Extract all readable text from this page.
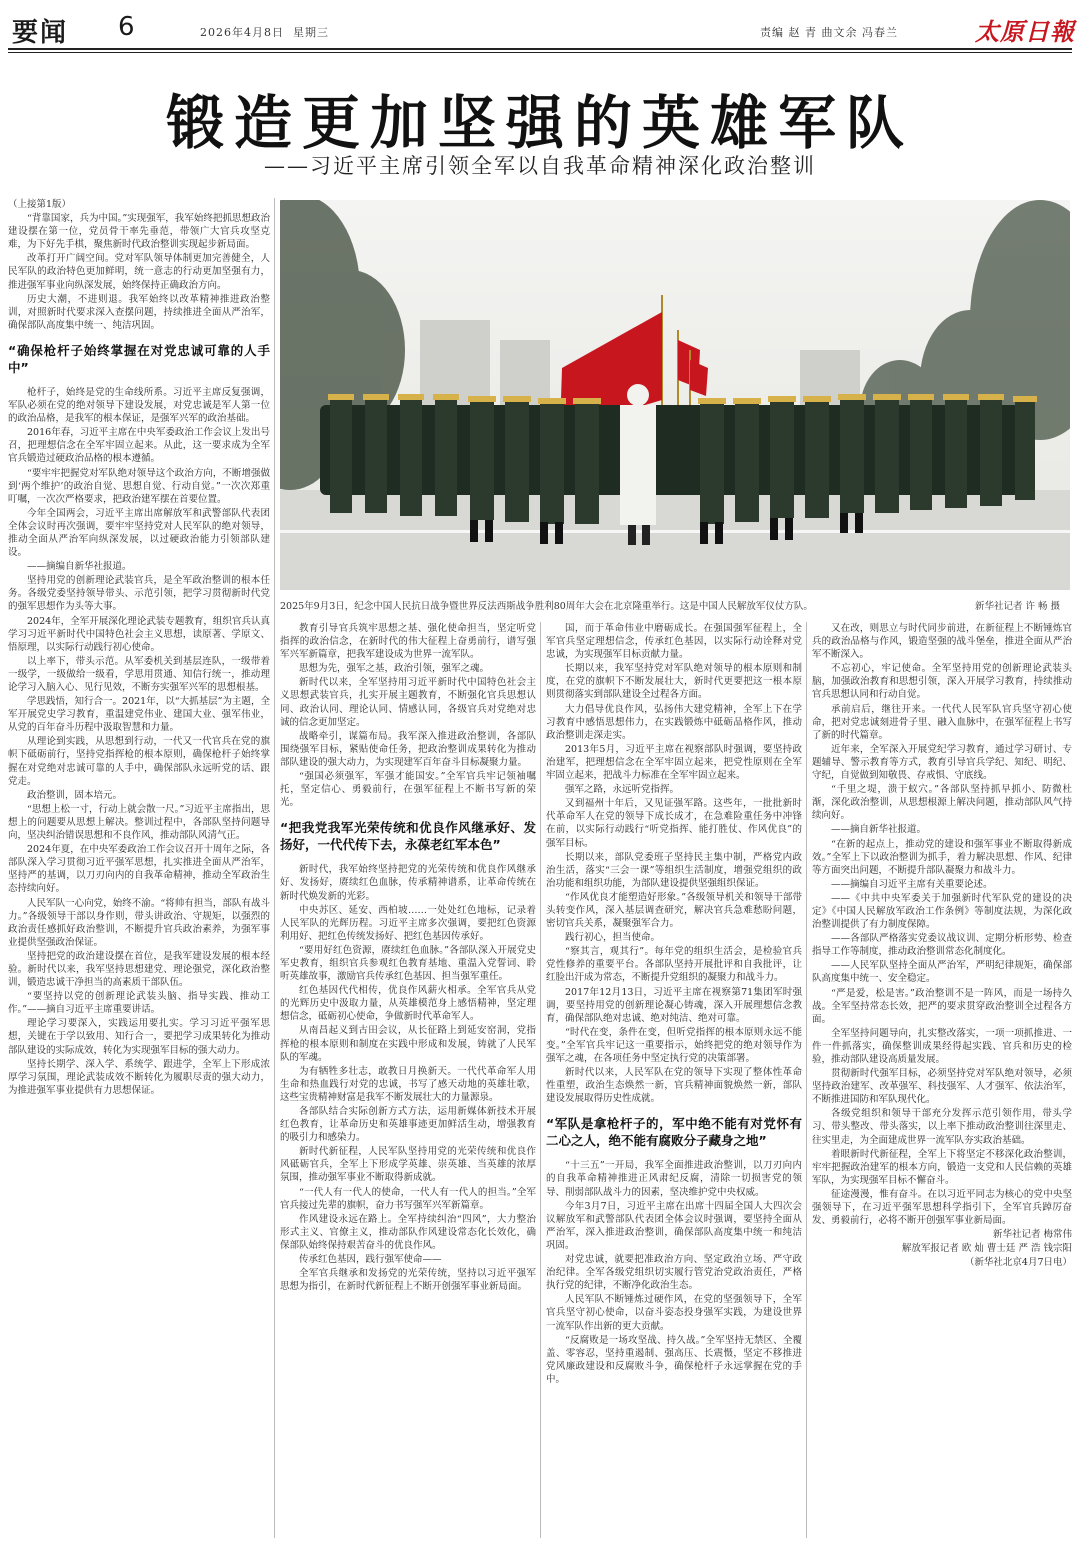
要闻 6	2026年4月8日 星期三	责编 赵 青 曲文余 冯春兰	太原日報
锻造更加坚强的英雄军队
——习近平主席引领全军以自我革命精神深化政治整训
2025年9月3日，纪念中国人民抗日战争暨世界反法西斯战争胜利80周年大会在北京隆重举行。这是中国人民解放军仪仗方队。	新华社记者 许 畅 摄

（上接第1版）

“背靠国家，兵为中国。”实现强军，我军始终把抓思想政治建设摆在第一位，党员骨干率先垂范，带领广大官兵攻坚克难，为下好先手棋，聚焦新时代政治整训实现起步新局面。

改革打开广阔空间。党对军队领导体制更加完善健全，人民军队的政治特色更加鲜明，统一意志的行动更加坚强有力，推进强军事业向纵深发展，始终保持正确政治方向。

历史大潮，不进则退。我军始终以改革精神推进政治整训，对照新时代要求深入查摆问题，持续推进全面从严治军，确保部队高度集中统一、纯洁巩固。

“确保枪杆子始终掌握在对党忠诚可靠的人手中”

枪杆子，始终是党的生命线所系。习近平主席反复强调，军队必须在党的绝对领导下建设发展，对党忠诚是军人第一位的政治品格，是我军的根本保证，是强军兴军的政治基础。

2016年春，习近平主席在中央军委政治工作会议上发出号召，把理想信念在全军牢固立起来。从此，这一要求成为全军官兵锻造过硬政治品格的根本遵循。

“要牢牢把握党对军队绝对领导这个政治方向，不断增强做到‘两个维护’的政治自觉、思想自觉、行动自觉。”一次次郑重叮嘱，一次次严格要求，把政治建军摆在首要位置。

今年全国两会，习近平主席出席解放军和武警部队代表团全体会议时再次强调，要牢牢坚持党对人民军队的绝对领导，推动全面从严治军向纵深发展，以过硬政治能力引领部队建设。

——摘编自新华社报道。

坚持用党的创新理论武装官兵，是全军政治整训的根本任务。各级党委坚持领导带头、示范引领，把学习贯彻新时代党的强军思想作为头等大事。

2024年，全军开展深化理论武装专题教育，组织官兵认真学习习近平新时代中国特色社会主义思想，读原著、学原文、悟原理，以实际行动践行初心使命。

以上率下，带头示范。从军委机关到基层连队，一级带着一级学，一级做给一级看，学思用贯通、知信行统一，推动理论学习入脑入心、见行见效，不断夯实强军兴军的思想根基。

学思践悟，知行合一。2021年，以“大抓基层”为主题，全军开展党史学习教育，重温建党伟业、建国大业、强军伟业，从党的百年奋斗历程中汲取智慧和力量。

从理论到实践，从思想到行动，一代又一代官兵在党的旗帜下砥砺前行，坚持党指挥枪的根本原则，确保枪杆子始终掌握在对党绝对忠诚可靠的人手中，确保部队永远听党的话、跟党走。

政治整训，固本培元。

“思想上松一寸，行动上就会散一尺。”习近平主席指出，思想上的问题要从思想上解决。整训过程中，各部队坚持问题导向，坚决纠治错误思想和不良作风，推动部队风清气正。

2024年夏，在中央军委政治工作会议召开十周年之际，各部队深入学习贯彻习近平强军思想，扎实推进全面从严治军，坚持严的基调，以刀刃向内的自我革命精神，推动全军政治生态持续向好。

人民军队一心向党，始终不渝。“将帅有担当，部队有战斗力。”各级领导干部以身作则，带头讲政治、守规矩，以强烈的政治责任感抓好政治整训，不断提升官兵政治素养，为强军事业提供坚强政治保证。

坚持把党的政治建设摆在首位，是我军建设发展的根本经验。新时代以来，我军坚持思想建党、理论强党，深化政治整训，锻造忠诚干净担当的高素质干部队伍。

“要坚持以党的创新理论武装头脑、指导实践、推动工作。”——摘自习近平主席重要讲话。

理论学习要深入，实践运用要扎实。学习习近平强军思想，关键在于学以致用、知行合一，要把学习成果转化为推动部队建设的实际成效，转化为实现强军目标的强大动力。

坚持长期学、深入学、系统学、跟进学，全军上下形成浓厚学习氛围，理论武装成效不断转化为履职尽责的强大动力，为推进强军事业提供有力思想保证。

教育引导官兵筑牢思想之基、强化使命担当，坚定听党指挥的政治信念，在新时代的伟大征程上奋勇前行，谱写强军兴军新篇章，把我军建设成为世界一流军队。

思想为先，强军之基，政治引领，强军之魂。

新时代以来，全军坚持用习近平新时代中国特色社会主义思想武装官兵，扎实开展主题教育，不断强化官兵思想认同、政治认同、理论认同、情感认同，各级官兵对党绝对忠诚的信念更加坚定。

战略牵引，谋篇布局。我军深入推进政治整训，各部队围绕强军目标，紧贴使命任务，把政治整训成果转化为推动部队建设的强大动力，为实现建军百年奋斗目标凝聚力量。

“强国必须强军，军强才能国安。”全军官兵牢记领袖嘱托，坚定信心、勇毅前行，在强军征程上不断书写新的荣光。

“把我党我军光荣传统和优良作风继承好、发扬好，一代代传下去，永葆老红军本色”

新时代，我军始终坚持把党的光荣传统和优良作风继承好、发扬好，赓续红色血脉，传承精神谱系，让革命传统在新时代焕发新的光彩。

中央苏区、延安、西柏坡……一处处红色地标，记录着人民军队的光辉历程。习近平主席多次强调，要把红色资源利用好、把红色传统发扬好、把红色基因传承好。

“要用好红色资源，赓续红色血脉。”各部队深入开展党史军史教育，组织官兵参观红色教育基地、重温入党誓词、聆听英雄故事，激励官兵传承红色基因、担当强军重任。

红色基因代代相传，优良作风薪火相承。全军官兵从党的光辉历史中汲取力量，从英雄模范身上感悟精神，坚定理想信念，砥砺初心使命，争做新时代革命军人。

从南昌起义到古田会议，从长征路上到延安窑洞，党指挥枪的根本原则和制度在实践中形成和发展，铸就了人民军队的军魂。

为有牺牲多壮志，敢教日月换新天。一代代革命军人用生命和热血践行对党的忠诚，书写了感天动地的英雄壮歌，这些宝贵精神财富是我军不断发展壮大的力量源泉。

各部队结合实际创新方式方法，运用新媒体新技术开展红色教育，让革命历史和英雄事迹更加鲜活生动，增强教育的吸引力和感染力。

新时代新征程，人民军队坚持用党的光荣传统和优良作风砥砺官兵，全军上下形成学英雄、崇英雄、当英雄的浓厚氛围，推动强军事业不断取得新成就。

“一代人有一代人的使命，一代人有一代人的担当。”全军官兵接过先辈的旗帜，奋力书写强军兴军新篇章。

作风建设永远在路上。全军持续纠治“四风”，大力整治形式主义、官僚主义，推动部队作风建设常态化长效化，确保部队始终保持艰苦奋斗的优良作风。

传承红色基因，践行强军使命——

全军官兵继承和发扬党的光荣传统，坚持以习近平强军思想为指引，在新时代新征程上不断开创强军事业新局面。

国，而于革命伟业中磨砺成长。在强国强军征程上，全军官兵坚定理想信念，传承红色基因，以实际行动诠释对党忠诚，为实现强军目标贡献力量。

长期以来，我军坚持党对军队绝对领导的根本原则和制度，在党的旗帜下不断发展壮大，新时代更要把这一根本原则贯彻落实到部队建设全过程各方面。

大力倡导优良作风，弘扬伟大建党精神，全军上下在学习教育中感悟思想伟力，在实践锻炼中砥砺品格作风，推动政治整训走深走实。

2013年5月，习近平主席在视察部队时强调，要坚持政治建军，把理想信念在全军牢固立起来，把党性原则在全军牢固立起来，把战斗力标准在全军牢固立起来。

强军之路，永远听党指挥。

又到福州十年后，又见证强军路。这些年，一批批新时代革命军人在党的领导下成长成才，在急难险重任务中冲锋在前，以实际行动践行“听党指挥、能打胜仗、作风优良”的强军目标。

长期以来，部队党委班子坚持民主集中制，严格党内政治生活，落实“三会一课”等组织生活制度，增强党组织的政治功能和组织功能，为部队建设提供坚强组织保证。

“作风优良才能塑造好形象。”各级领导机关和领导干部带头转变作风，深入基层调查研究，解决官兵急难愁盼问题，密切官兵关系，凝聚强军合力。

践行初心，担当使命。

“察其言，观其行”。每年党的组织生活会，是检验官兵党性修养的重要平台。各部队坚持开展批评和自我批评，让红脸出汗成为常态，不断提升党组织的凝聚力和战斗力。

2017年12月13日，习近平主席在视察第71集团军时强调，要坚持用党的创新理论凝心铸魂，深入开展理想信念教育，确保部队绝对忠诚、绝对纯洁、绝对可靠。

“时代在变，条件在变，但听党指挥的根本原则永远不能变。”全军官兵牢记这一重要指示，始终把党的绝对领导作为强军之魂，在各项任务中坚定执行党的决策部署。

新时代以来，人民军队在党的领导下实现了整体性革命性重塑，政治生态焕然一新，官兵精神面貌焕然一新，部队建设发展取得历史性成就。

“军队是拿枪杆子的，军中绝不能有对党怀有二心之人，绝不能有腐败分子藏身之地”

“十三五”一开局，我军全面推进政治整训，以刀刃向内的自我革命精神推进正风肃纪反腐，清除一切损害党的领导、削弱部队战斗力的因素，坚决维护党中央权威。

今年3月7日，习近平主席在出席十四届全国人大四次会议解放军和武警部队代表团全体会议时强调，要坚持全面从严治军，深入推进政治整训，确保部队高度集中统一和纯洁巩固。

对党忠诚，就要把准政治方向、坚定政治立场、严守政治纪律。全军各级党组织切实履行管党治党政治责任，严格执行党的纪律，不断净化政治生态。

人民军队不断锤炼过硬作风，在党的坚强领导下，全军官兵坚守初心使命，以奋斗姿态投身强军实践，为建设世界一流军队作出新的更大贡献。

“反腐败是一场攻坚战、持久战。”全军坚持无禁区、全覆盖、零容忍，坚持重遏制、强高压、长震慑，坚定不移推进党风廉政建设和反腐败斗争，确保枪杆子永远掌握在党的手中。

又在改，则思立与时代同步前进，在新征程上不断锤炼官兵的政治品格与作风，锻造坚强的战斗堡垒，推进全面从严治军不断深入。

不忘初心，牢记使命。全军坚持用党的创新理论武装头脑，加强政治教育和思想引领，深入开展学习教育，持续推动官兵思想认同和行动自觉。

承前启后，继往开来。一代代人民军队官兵坚守初心使命，把对党忠诚刻进骨子里、融入血脉中，在强军征程上书写了新的时代篇章。

近年来，全军深入开展党纪学习教育，通过学习研讨、专题辅导、警示教育等方式，教育引导官兵学纪、知纪、明纪、守纪，自觉做到知敬畏、存戒惧、守底线。

“千里之堤，溃于蚁穴。”各部队坚持抓早抓小、防微杜渐，深化政治整训，从思想根源上解决问题，推动部队风气持续向好。

——摘自新华社报道。

“在新的起点上，推动党的建设和强军事业不断取得新成效。”全军上下以政治整训为抓手，着力解决思想、作风、纪律等方面突出问题，不断提升部队凝聚力和战斗力。

——摘编自习近平主席有关重要论述。

——《中共中央军委关于加强新时代军队党的建设的决定》《中国人民解放军政治工作条例》等制度法规，为深化政治整训提供了有力制度保障。

——各部队严格落实党委议战议训、定期分析形势、检查指导工作等制度，推动政治整训常态化制度化。

——人民军队坚持全面从严治军，严明纪律规矩，确保部队高度集中统一、安全稳定。

“严是爱，松是害。”政治整训不是一阵风，而是一场持久战。全军坚持常态长效，把严的要求贯穿政治整训全过程各方面。

全军坚持问题导向，扎实整改落实，一项一项抓推进、一件一件抓落实，确保整训成果经得起实践、官兵和历史的检验，推动部队建设高质量发展。

贯彻新时代强军目标，必须坚持党对军队绝对领导，必须坚持政治建军、改革强军、科技强军、人才强军、依法治军，不断推进国防和军队现代化。

各级党组织和领导干部充分发挥示范引领作用，带头学习、带头整改、带头落实，以上率下推动政治整训往深里走、往实里走，为全面建成世界一流军队夯实政治基础。

着眼新时代新征程，全军上下将坚定不移深化政治整训，牢牢把握政治建军的根本方向，锻造一支党和人民信赖的英雄军队，为实现强军目标不懈奋斗。

征途漫漫，惟有奋斗。在以习近平同志为核心的党中央坚强领导下，在习近平强军思想科学指引下，全军官兵踔厉奋发、勇毅前行，必将不断开创强军事业新局面。

新华社记者 梅常伟

解放军报记者 欧 灿 曹士廷 严 浩 钱宗阳

（新华社北京4月7日电）
